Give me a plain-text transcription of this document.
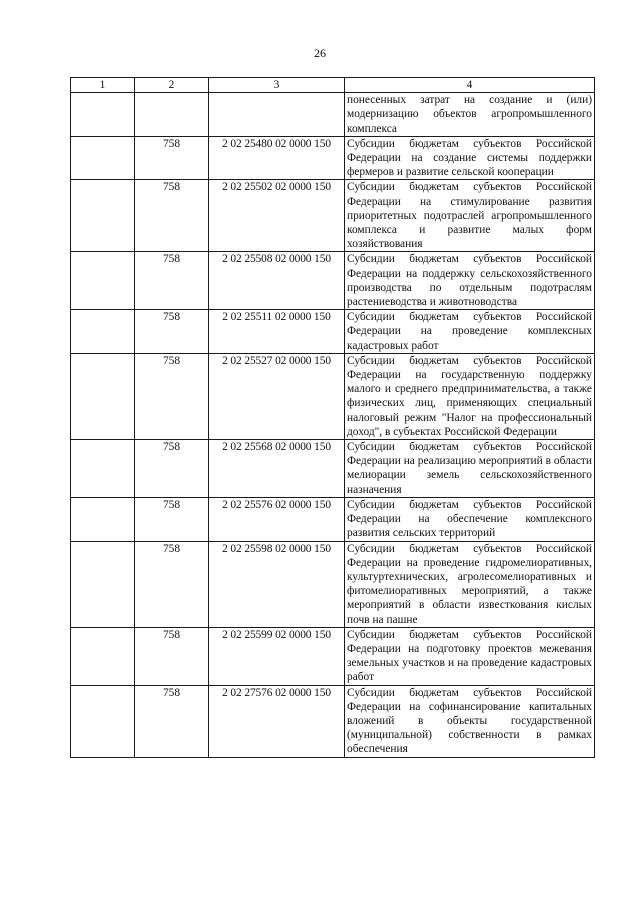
26
1	2	3	4
			понесенных затрат на создание и (или) модернизацию объектов агропромышленного комплекса
	758	2 02 25480 02 0000 150	Субсидии бюджетам субъектов Российской Федерации на создание системы поддержки фермеров и развитие сельской кооперации
	758	2 02 25502 02 0000 150	Субсидии бюджетам субъектов Российской Федерации на стимулирование развития приоритетных подотраслей агропромышленного комплекса и развитие малых форм хозяйствования
	758	2 02 25508 02 0000 150	Субсидии бюджетам субъектов Российской Федерации на поддержку сельскохозяйственного производства по отдельным подотраслям растениеводства и животноводства
	758	2 02 25511 02 0000 150	Субсидии бюджетам субъектов Российской Федерации на проведение комплексных кадастровых работ
	758	2 02 25527 02 0000 150	Субсидии бюджетам субъектов Российской Федерации на государственную поддержку малого и среднего предпринимательства, а также физических лиц, применяющих специальный налоговый режим "Налог на профессиональный доход", в субъектах Российской Федерации
	758	2 02 25568 02 0000 150	Субсидии бюджетам субъектов Российской Федерации на реализацию мероприятий в области мелиорации земель сельскохозяйственного назначения
	758	2 02 25576 02 0000 150	Субсидии бюджетам субъектов Российской Федерации на обеспечение комплексного развития сельских территорий
	758	2 02 25598 02 0000 150	Субсидии бюджетам субъектов Российской Федерации на проведение гидромелиоративных, культуртехнических, агролесомелиоративных и фитомелиоративных мероприятий, а также мероприятий в области известкования кислых почв на пашне
	758	2 02 25599 02 0000 150	Субсидии бюджетам субъектов Российской Федерации на подготовку проектов межевания земельных участков и на проведение кадастровых работ
	758	2 02 27576 02 0000 150	Субсидии бюджетам субъектов Российской Федерации на софинансирование капитальных вложений в объекты государственной (муниципальной) собственности в рамках обеспечения
